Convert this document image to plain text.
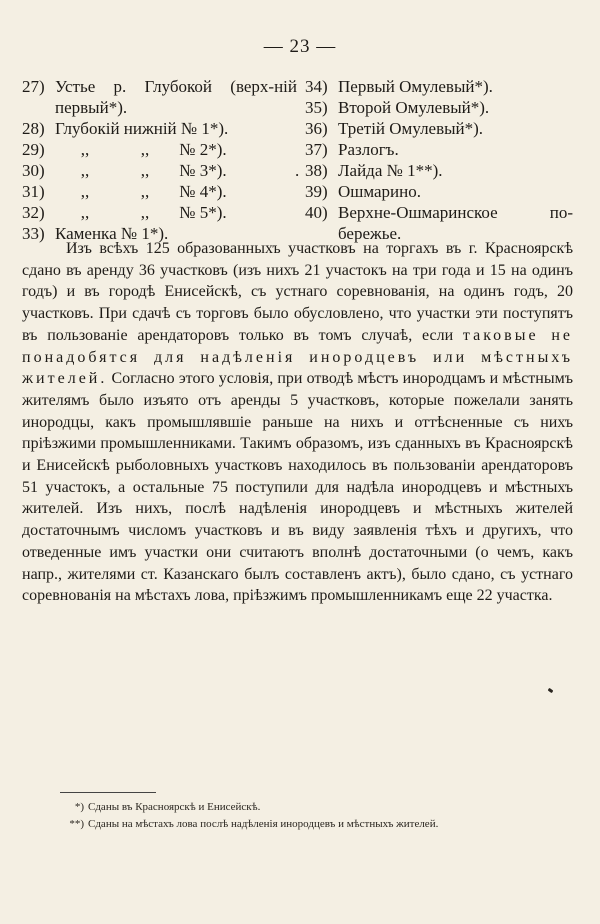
— 23 —
27) Устье р. Глубокой (верх-ній первый*).
28) Глубокій нижній № 1*).
29)	,,	,, № 2*).
30)	,,	,, № 3*).
31)	,,	,, № 4*).
32)	,,	,, № 5*).
33) Каменка № 1*).
34) Первый Омулевый*).
35) Второй Омулевый*).
36) Третій Омулевый*).
37) Разлогъ.
. 38) Лайда № 1**).
39) Ошмарино.
40) Верхне-Ошмаринское по-бережье.

Изъ всѣхъ 125 образованныхъ участковъ на торгахъ въ г. Красноярскѣ сдано въ аренду 36 участковъ (изъ нихъ 21 участокъ на три года и 15 на одинъ годъ) и въ городѣ Енисейскѣ, съ устнаго соревнованія, на одинъ годъ, 20 участковъ. При сдачѣ съ торговъ было обусловлено, что участки эти поступятъ въ пользованіе арендаторовъ только въ томъ случаѣ, если таковые не понадобятся для надѣленія инородцевъ или мѣстныхъ жителей. Согласно этого условія, при отводѣ мѣстъ инородцамъ и мѣстнымъ жителямъ было изъято отъ аренды 5 участковъ, которые пожелали занять инородцы, какъ промышлявшіе раньше на нихъ и оттѣсненные съ нихъ пріѣзжими промышленниками. Такимъ образомъ, изъ сданныхъ въ Красноярскѣ и Енисейскѣ рыболовныхъ участковъ находилось въ пользованіи арендаторовъ 51 участокъ, а остальные 75 поступили для надѣла инородцевъ и мѣстныхъ жителей. Изъ нихъ, послѣ надѣленія инородцевъ и мѣстныхъ жителей достаточнымъ числомъ участковъ и въ виду заявленія тѣхъ и другихъ, что отведенные имъ участки они считаютъ вполнѣ достаточными (о чемъ, какъ напр., жителями ст. Казанскаго былъ составленъ актъ), было сдано, съ устнаго соревнованія на мѣстахъ лова, пріѣзжимъ промышленникамъ еще 22 участка.

*) Сданы въ Красноярскѣ и Енисейскѣ.
**) Сданы на мѣстахъ лова послѣ надѣленія инородцевъ и мѣстныхъ жителей.
